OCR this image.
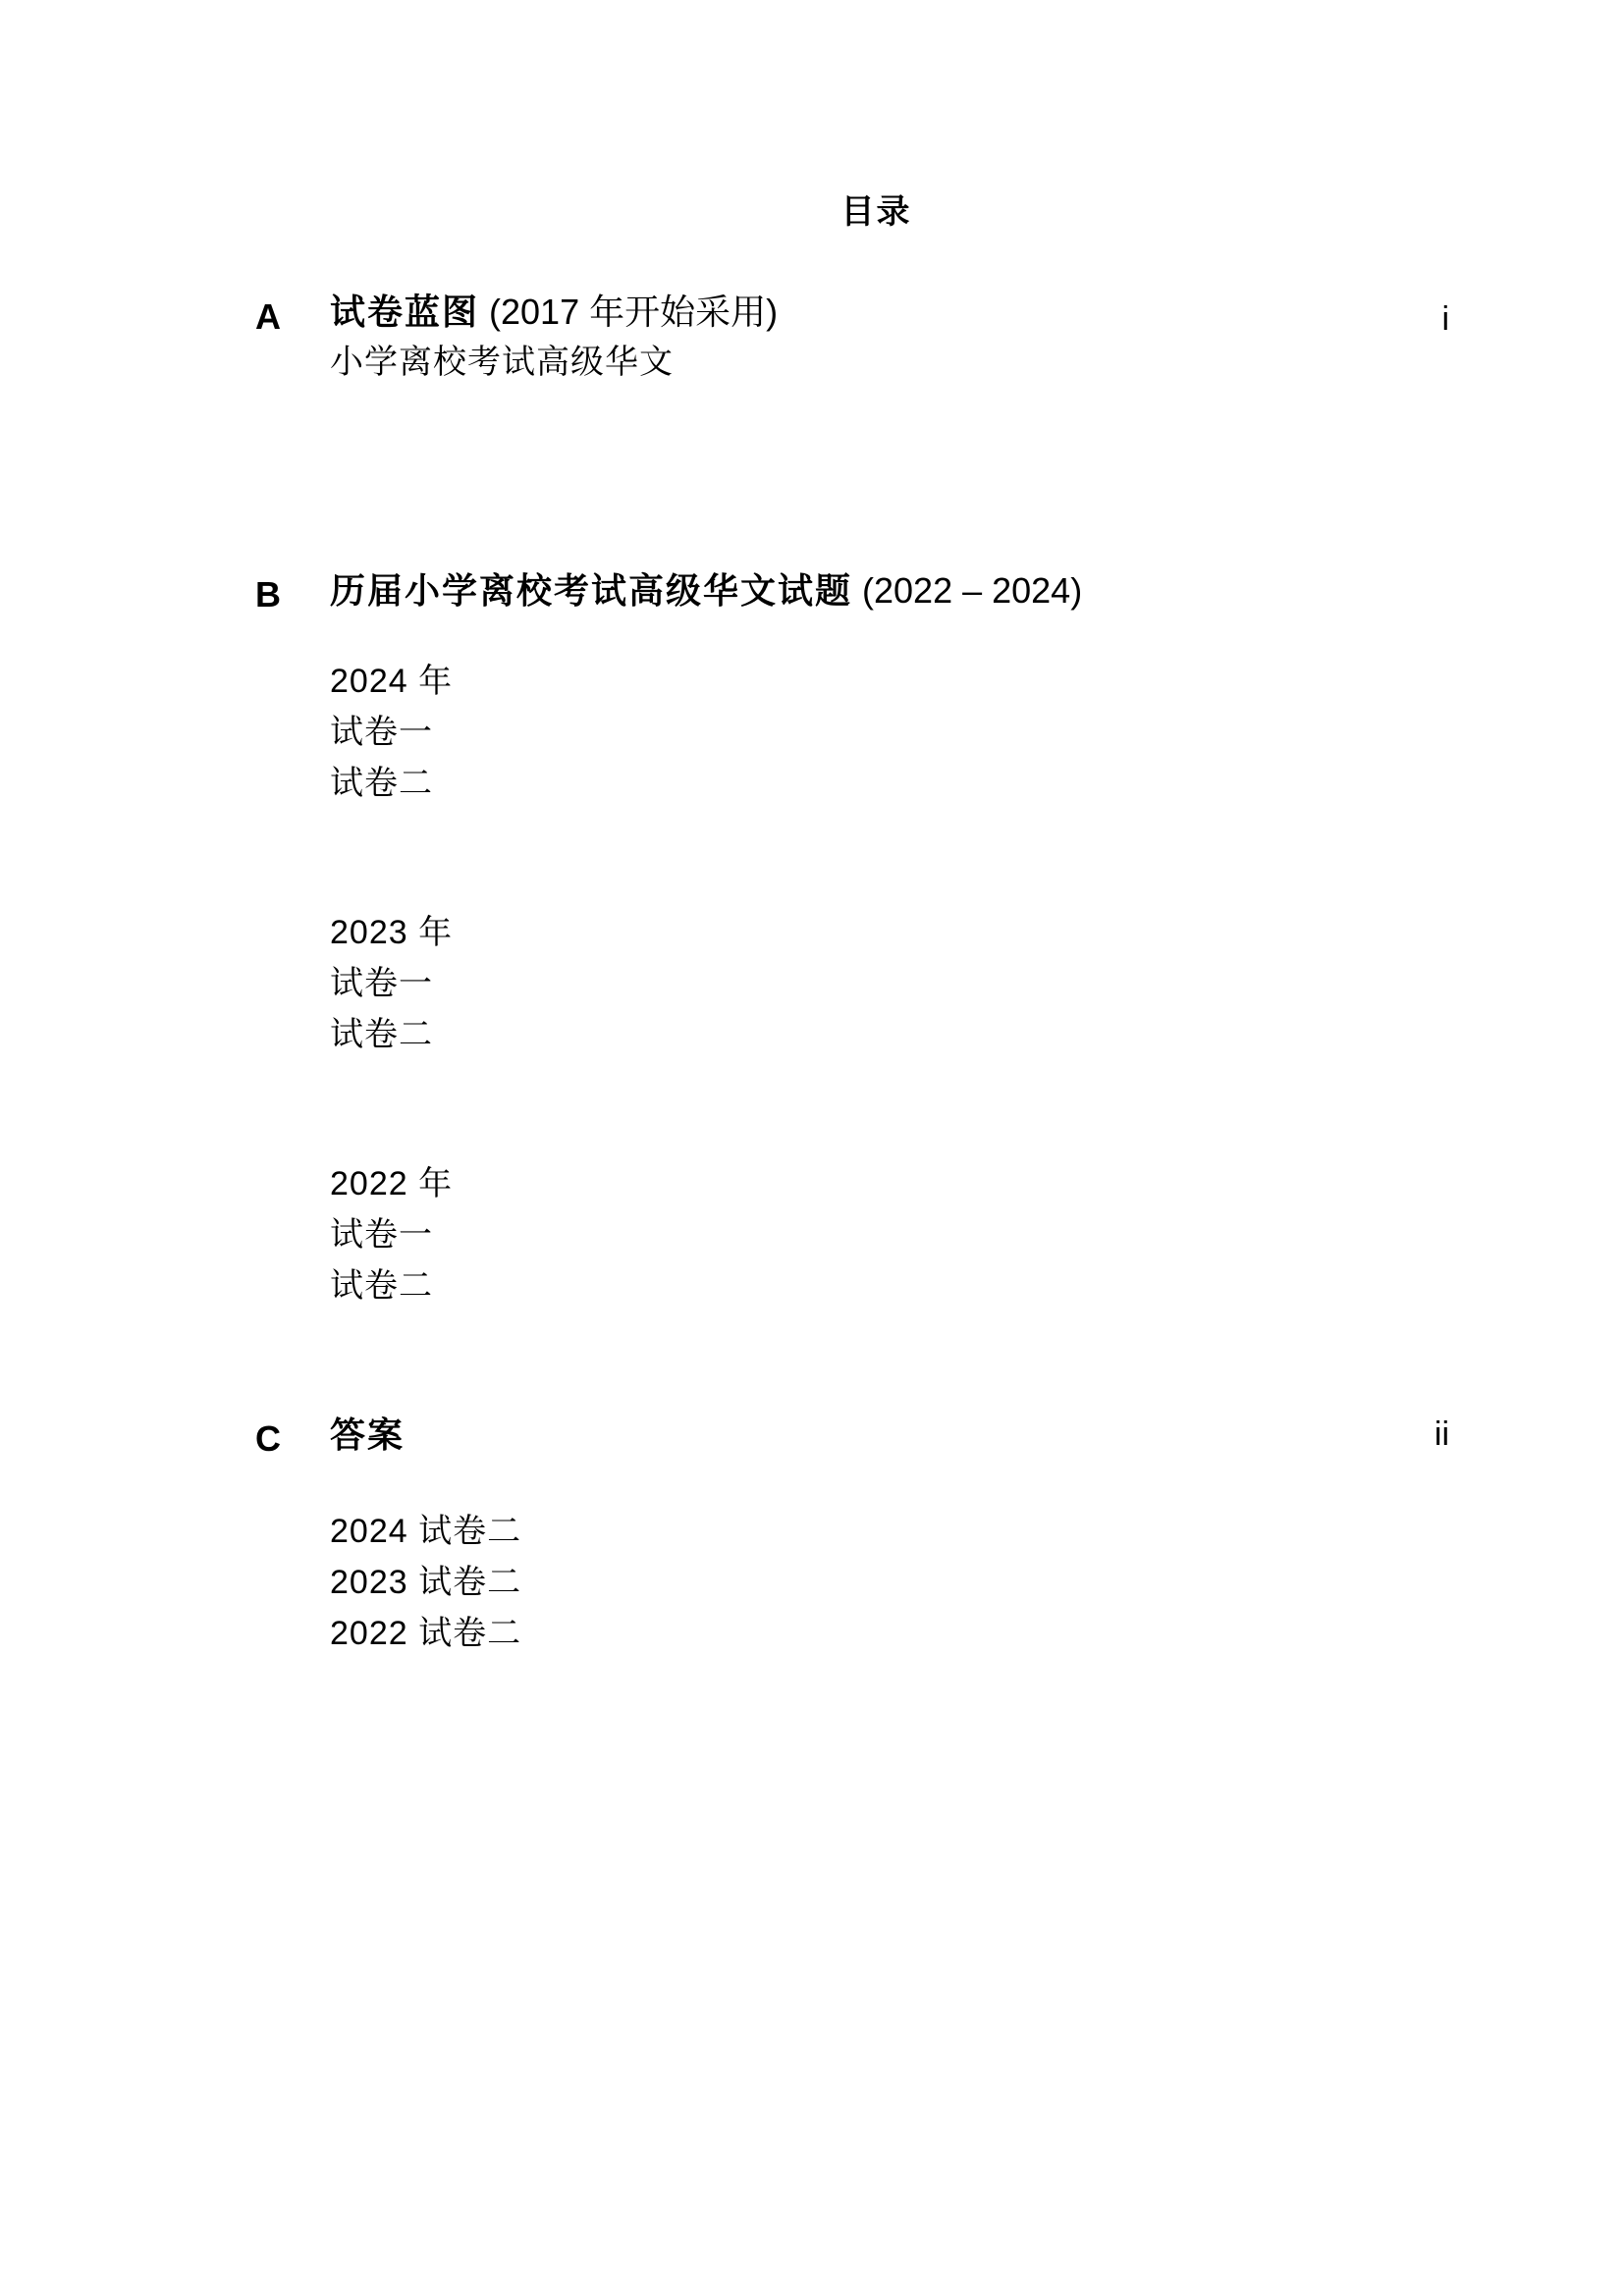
目录
A 试卷蓝图 (2017 年开始采用)	i
小学离校考试高级华文
B 历届小学离校考试高级华文试题 (2022 – 2024)
2024 年
试卷一
试卷二
2023 年
试卷一
试卷二
2022 年
试卷一
试卷二
C 答案	ii
2024 试卷二
2023 试卷二
2022 试卷二
